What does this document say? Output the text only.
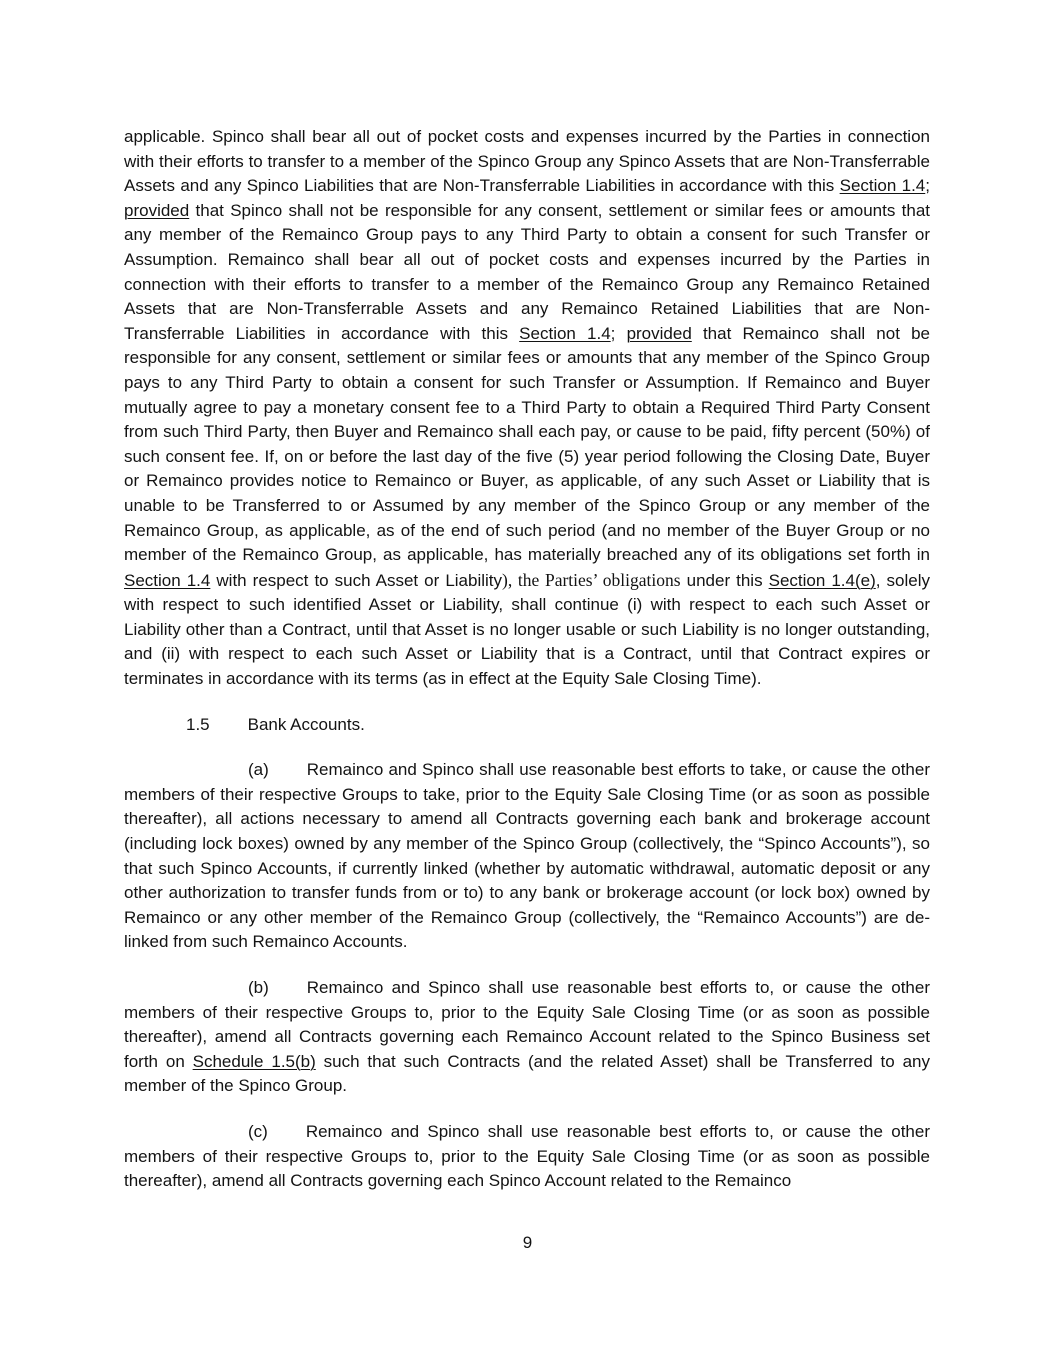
applicable. Spinco shall bear all out of pocket costs and expenses incurred by the Parties in connection with their efforts to transfer to a member of the Spinco Group any Spinco Assets that are Non-Transferrable Assets and any Spinco Liabilities that are Non-Transferrable Liabilities in accordance with this Section 1.4; provided that Spinco shall not be responsible for any consent, settlement or similar fees or amounts that any member of the Remainco Group pays to any Third Party to obtain a consent for such Transfer or Assumption. Remainco shall bear all out of pocket costs and expenses incurred by the Parties in connection with their efforts to transfer to a member of the Remainco Group any Remainco Retained Assets that are Non-Transferrable Assets and any Remainco Retained Liabilities that are Non-Transferrable Liabilities in accordance with this Section 1.4; provided that Remainco shall not be responsible for any consent, settlement or similar fees or amounts that any member of the Spinco Group pays to any Third Party to obtain a consent for such Transfer or Assumption. If Remainco and Buyer mutually agree to pay a monetary consent fee to a Third Party to obtain a Required Third Party Consent from such Third Party, then Buyer and Remainco shall each pay, or cause to be paid, fifty percent (50%) of such consent fee. If, on or before the last day of the five (5) year period following the Closing Date, Buyer or Remainco provides notice to Remainco or Buyer, as applicable, of any such Asset or Liability that is unable to be Transferred to or Assumed by any member of the Spinco Group or any member of the Remainco Group, as applicable, as of the end of such period (and no member of the Buyer Group or no member of the Remainco Group, as applicable, has materially breached any of its obligations set forth in Section 1.4 with respect to such Asset or Liability), the Parties’ obligations under this Section 1.4(e), solely with respect to such identified Asset or Liability, shall continue (i) with respect to each such Asset or Liability other than a Contract, until that Asset is no longer usable or such Liability is no longer outstanding, and (ii) with respect to each such Asset or Liability that is a Contract, until that Contract expires or terminates in accordance with its terms (as in effect at the Equity Sale Closing Time).

1.5 Bank Accounts.

(a) Remainco and Spinco shall use reasonable best efforts to take, or cause the other members of their respective Groups to take, prior to the Equity Sale Closing Time (or as soon as possible thereafter), all actions necessary to amend all Contracts governing each bank and brokerage account (including lock boxes) owned by any member of the Spinco Group (collectively, the “Spinco Accounts”), so that such Spinco Accounts, if currently linked (whether by automatic withdrawal, automatic deposit or any other authorization to transfer funds from or to) to any bank or brokerage account (or lock box) owned by Remainco or any other member of the Remainco Group (collectively, the “Remainco Accounts”) are de-linked from such Remainco Accounts.

(b) Remainco and Spinco shall use reasonable best efforts to, or cause the other members of their respective Groups to, prior to the Equity Sale Closing Time (or as soon as possible thereafter), amend all Contracts governing each Remainco Account related to the Spinco Business set forth on Schedule 1.5(b) such that such Contracts (and the related Asset) shall be Transferred to any member of the Spinco Group.

(c) Remainco and Spinco shall use reasonable best efforts to, or cause the other members of their respective Groups to, prior to the Equity Sale Closing Time (or as soon as possible thereafter), amend all Contracts governing each Spinco Account related to the Remainco

9
